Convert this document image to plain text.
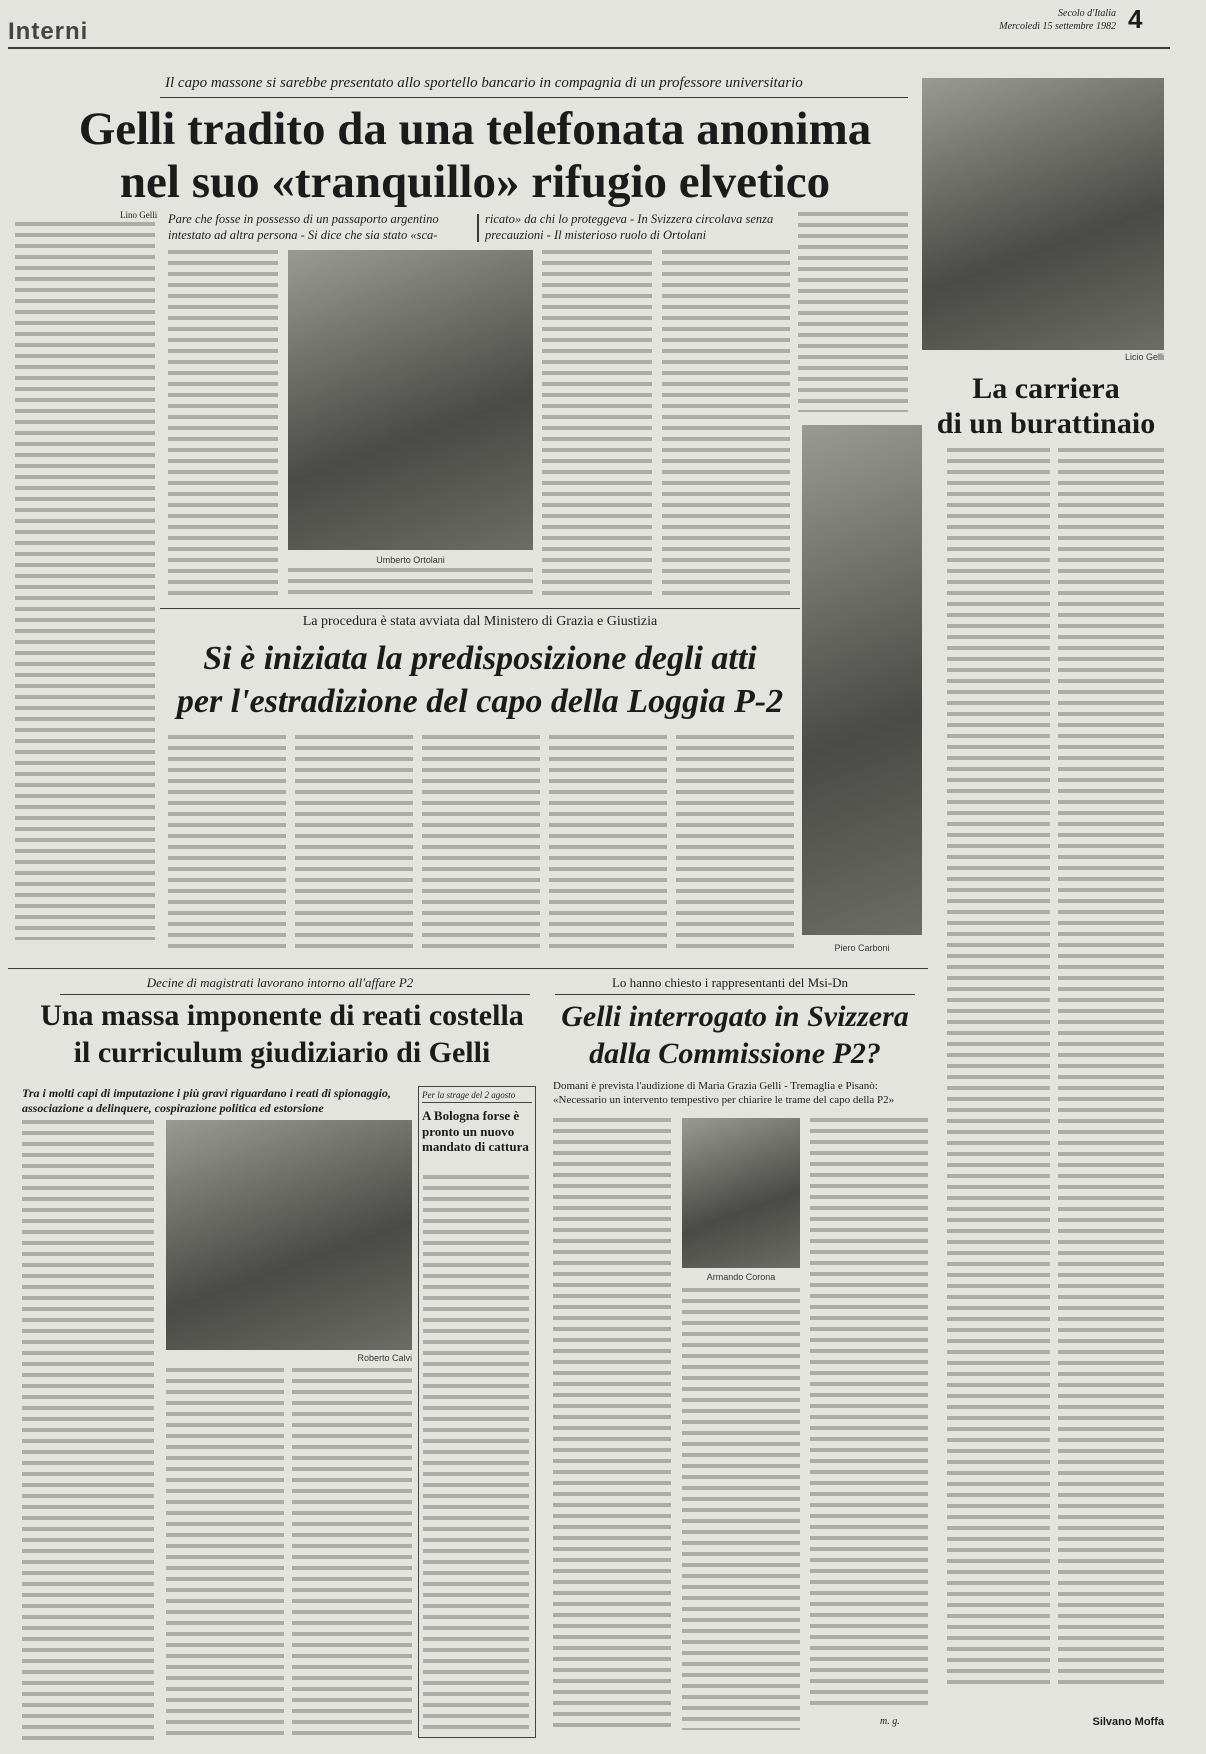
Interni
Secolo d'Italia
Mercoledì 15 settembre 1982 4
Il capo massone si sarebbe presentato allo sportello bancario in compagnia di un professore universitario
Gelli tradito da una telefonata anonima
nel suo «tranquillo» rifugio elvetico
Lino Gelli Pare che fosse in possesso di un passaporto argentino intestato ad altra persona - Si dice che sia stato «sca-
ricato» da chi lo proteggeva - In Svizzera circolava senza precauzioni - Il misterioso ruolo di Ortolani
Umberto Ortolani
Piero Carboni
Licio Gelli
La carriera
di un burattinaio
Silvano Moffa
La procedura è stata avviata dal Ministero di Grazia e Giustizia
Si è iniziata la predisposizione degli atti
per l'estradizione del capo della Loggia P-2
Decine di magistrati lavorano intorno all'affare P2
Una massa imponente di reati costella
il curriculum giudiziario di Gelli
Tra i molti capi di imputazione i più gravi riguardano i reati di spionaggio, associazione a delinquere, cospirazione politica ed estorsione
Roberto Calvi
Per la strage del 2 agosto
A Bologna forse è pronto un nuovo mandato di cattura
Lo hanno chiesto i rappresentanti del Msi-Dn
Gelli interrogato in Svizzera
dalla Commissione P2?
Domani è prevista l'audizione di Maria Grazia Gelli - Tremaglia e Pisanò: «Necessario un intervento tempestivo per chiarire le trame del capo della P2»
Armando Corona
m. g.
